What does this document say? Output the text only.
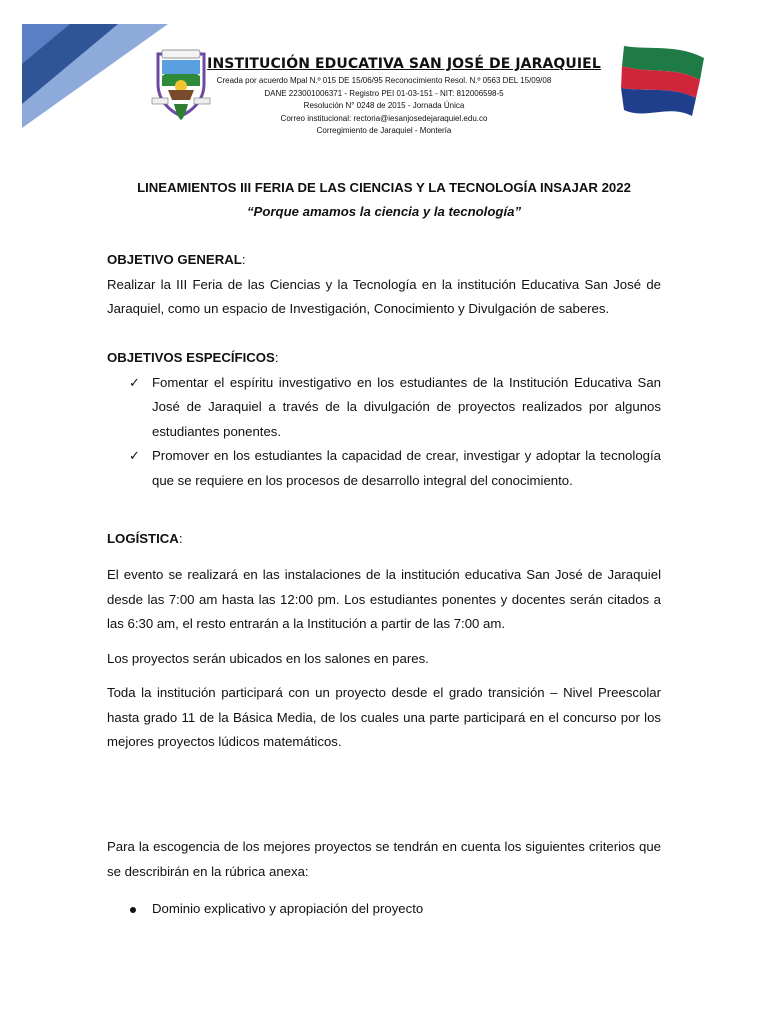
INSTITUCIÓN EDUCATIVA SAN JOSÉ DE JARAQUIEL
Creada por acuerdo Mpal N.º 015 DE 15/06/95 Reconocimiento Resol. N.º 0563 DEL 15/09/08
DANE 223001006371 - Registro PEI 01-03-151 - NIT: 812006598-5
Resolución N° 0248 de 2015 - Jornada Única
Correo institucional: rectoria@iesanjosedejaraquiel.edu.co
Corregimiento de Jaraquiel - Montería
LINEAMIENTOS III FERIA DE LAS CIENCIAS Y LA TECNOLOGÍA INSAJAR 2022
“Porque amamos la ciencia y la tecnología”
OBJETIVO GENERAL:

Realizar la III Feria de las Ciencias y la Tecnología en la institución Educativa San José de Jaraquiel, como un espacio de Investigación, Conocimiento y Divulgación de saberes.

OBJETIVOS ESPECÍFICOS:
✓ Fomentar el espíritu investigativo en los estudiantes de la Institución Educativa San José de Jaraquiel a través de la divulgación de proyectos realizados por algunos estudiantes ponentes.
✓ Promover en los estudiantes la capacidad de crear, investigar y adoptar la tecnología que se requiere en los procesos de desarrollo integral del conocimiento.
LOGÍSTICA:

El evento se realizará en las instalaciones de la institución educativa San José de Jaraquiel desde las 7:00 am hasta las 12:00 pm. Los estudiantes ponentes y docentes serán citados a las 6:30 am, el resto entrarán a la Institución a partir de las 7:00 am.

Los proyectos serán ubicados en los salones en pares.

Toda la institución participará con un proyecto desde el grado transición – Nivel Preescolar hasta grado 11 de la Básica Media, de los cuales una parte participará en el concurso por los mejores proyectos lúdicos matemáticos.

Para la escogencia de los mejores proyectos se tendrán en cuenta los siguientes criterios que se describirán en la rúbrica anexa:

Dominio explicativo y apropiación del proyecto
